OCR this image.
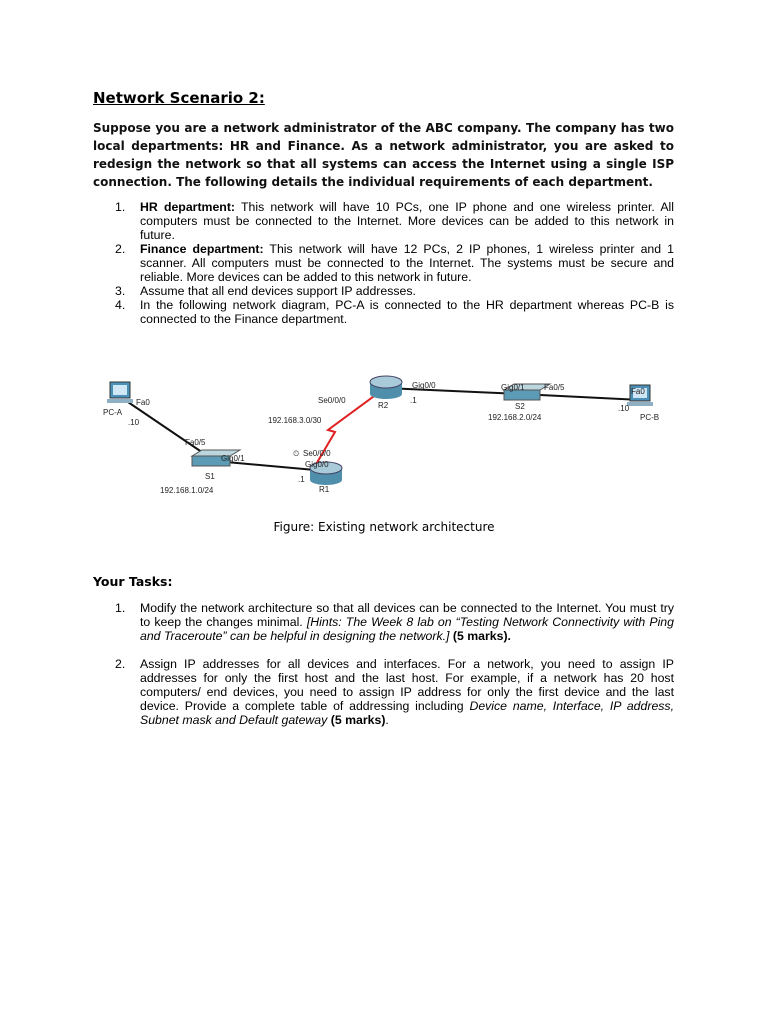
Network Scenario 2:
Suppose you are a network administrator of the ABC company. The company has two local departments: HR and Finance. As a network administrator, you are asked to redesign the network so that all systems can access the Internet using a single ISP connection. The following details the individual requirements of each department.
1. HR department: This network will have 10 PCs, one IP phone and one wireless printer. All computers must be connected to the Internet. More devices can be added to this network in future.
2. Finance department: This network will have 12 PCs, 2 IP phones, 1 wireless printer and 1 scanner. All computers must be connected to the Internet. The systems must be secure and reliable. More devices can be added to this network in future.
3. Assume that all end devices support IP addresses.
4. In the following network diagram, PC-A is connected to the HR department whereas PC-B is connected to the Finance department.
PC-A
Fa0
.10
Fa0/5
Gig0/1
S1
192.168.1.0/24
⏲ Se0/0/0
Gig0/0
.1
R1
192.168.3.0/30
Se0/0/0
R2
Gig0/0
.1
Gig0/1 Fa0/5
S2
192.168.2.0/24
Fa0
.10
PC-B
Figure: Existing network architecture
Your Tasks:
1. Modify the network architecture so that all devices can be connected to the Internet. You must try to keep the changes minimal. [Hints: The Week 8 lab on “Testing Network Connectivity with Ping and Traceroute” can be helpful in designing the network.] (5 marks).
2. Assign IP addresses for all devices and interfaces. For a network, you need to assign IP addresses for only the first host and the last host. For example, if a network has 20 host computers/ end devices, you need to assign IP address for only the first device and the last device. Provide a complete table of addressing including Device name, Interface, IP address, Subnet mask and Default gateway (5 marks).
